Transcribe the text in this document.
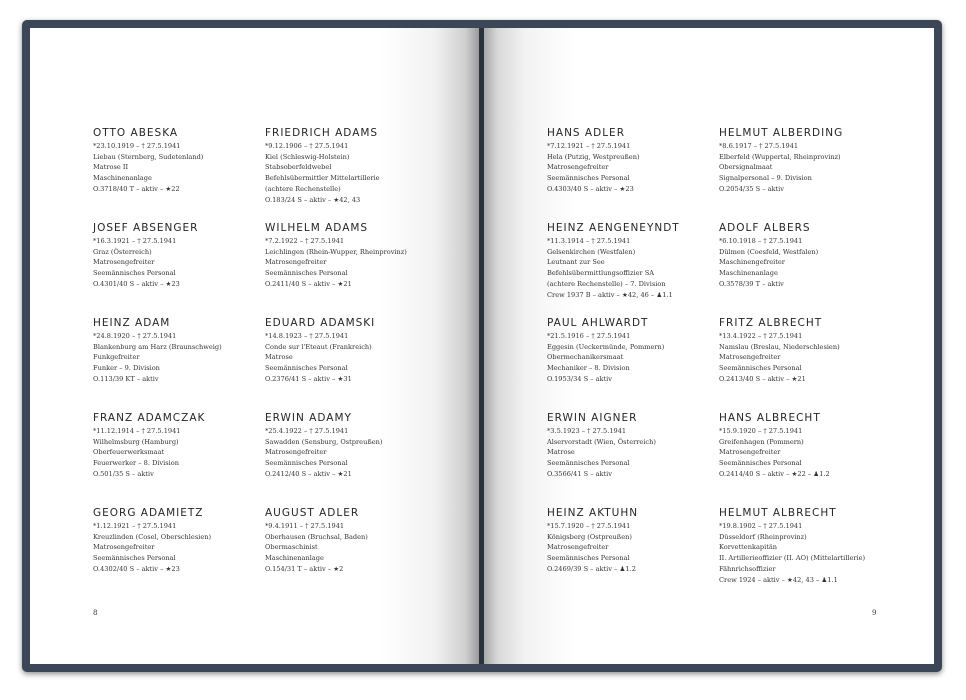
8
OTTO ABESKA
*23.10.1919 – † 27.5.1941
Liebau (Sternberg, Sudetenland)
Matrose II
Maschinenanlage
O.3718/40 T – aktiv – ★22
FRIEDRICH ADAMS
*9.12.1906 – † 27.5.1941
Kiel (Schleswig-Holstein)
Stabsoberfeldwebel
Befehlsübermittler Mittelartillerie
(achtere Rechenstelle)
O.183/24 S – aktiv – ★42, 43
JOSEF ABSENGER
*16.3.1921 – † 27.5.1941
Graz (Österreich)
Matrosengefreiter
Seemännisches Personal
O.4301/40 S – aktiv – ★23
WILHELM ADAMS
*7.2.1922 – † 27.5.1941
Leichlingen (Rhein-Wupper, Rheinprovinz)
Matrosengefreiter
Seemännisches Personal
O.2411/40 S – aktiv – ★21
HEINZ ADAM
*24.8.1920 – † 27.5.1941
Blankenburg am Harz (Braunschweig)
Funkgefreiter
Funker – 9. Division
O.113/39 KT – aktiv
EDUARD ADAMSKI
*14.8.1923 – † 27.5.1941
Conde sur l'Eteaut (Frankreich)
Matrose
Seemännisches Personal
O.2376/41 S – aktiv – ★31
FRANZ ADAMCZAK
*11.12.1914 – † 27.5.1941
Wilhelmsburg (Hamburg)
Oberfeuerwerksmaat
Feuerwerker – 8. Division
O.501/35 S – aktiv
ERWIN ADAMY
*25.4.1922 – † 27.5.1941
Sawadden (Sensburg, Ostpreußen)
Matrosengefreiter
Seemännisches Personal
O.2412/40 S – aktiv – ★21
GEORG ADAMIETZ
*1.12.1921 – † 27.5.1941
Kreuzlinden (Cosel, Oberschlesien)
Matrosengefreiter
Seemännisches Personal
O.4302/40 S – aktiv – ★23
AUGUST ADLER
*9.4.1911 – † 27.5.1941
Oberhausen (Bruchsal, Baden)
Obermaschinist
Maschinenanlage
O.154/31 T – aktiv – ★2
9
HANS ADLER
*7.12.1921 – † 27.5.1941
Hela (Putzig, Westpreußen)
Matrosengefreiter
Seemännisches Personal
O.4303/40 S – aktiv – ★23
HELMUT ALBERDING
*8.6.1917 – † 27.5.1941
Elberfeld (Wuppertal, Rheinprovinz)
Obersignalmaat
Signalpersonal – 9. Division
O.2054/35 S – aktiv
HEINZ AENGENEYNDT
*11.3.1914 – † 27.5.1941
Gelsenkirchen (Westfalen)
Leutnant zur See
Befehlsübermittlungsoffizier SA
(achtere Rechenstelle) – 7. Division
Crew 1937 B – aktiv – ★42, 46 – ♟1.1
ADOLF ALBERS
*6.10.1918 – † 27.5.1941
Dülmen (Coesfeld, Westfalen)
Maschinengefreiter
Maschinenanlage
O.3578/39 T – aktiv
PAUL AHLWARDT
*21.5.1916 – † 27.5.1941
Eggesin (Ueckermünde, Pommern)
Obermechanikersmaat
Mechaniker – 8. Division
O.1953/34 S – aktiv
FRITZ ALBRECHT
*13.4.1922 – † 27.5.1941
Namslau (Breslau, Niederschlesien)
Matrosengefreiter
Seemännisches Personal
O.2413/40 S – aktiv – ★21
ERWIN AIGNER
*3.5.1923 – † 27.5.1941
Alservorstadt (Wien, Österreich)
Matrose
Seemännisches Personal
O.3566/41 S – aktiv
HANS ALBRECHT
*15.9.1920 – † 27.5.1941
Greifenhagen (Pommern)
Matrosengefreiter
Seemännisches Personal
O.2414/40 S – aktiv – ★22 – ♟1.2
HEINZ AKTUHN
*15.7.1920 – † 27.5.1941
Königsberg (Ostpreußen)
Matrosengefreiter
Seemännisches Personal
O.2469/39 S – aktiv – ♟1.2
HELMUT ALBRECHT
*19.8.1902 – † 27.5.1941
Düsseldorf (Rheinprovinz)
Korvettenkapitän
II. Artillerieoffizier (II. AO) (Mittelartillerie)
Fähnrichsoffizier
Crew 1924 – aktiv – ★42, 43 – ♟1.1
